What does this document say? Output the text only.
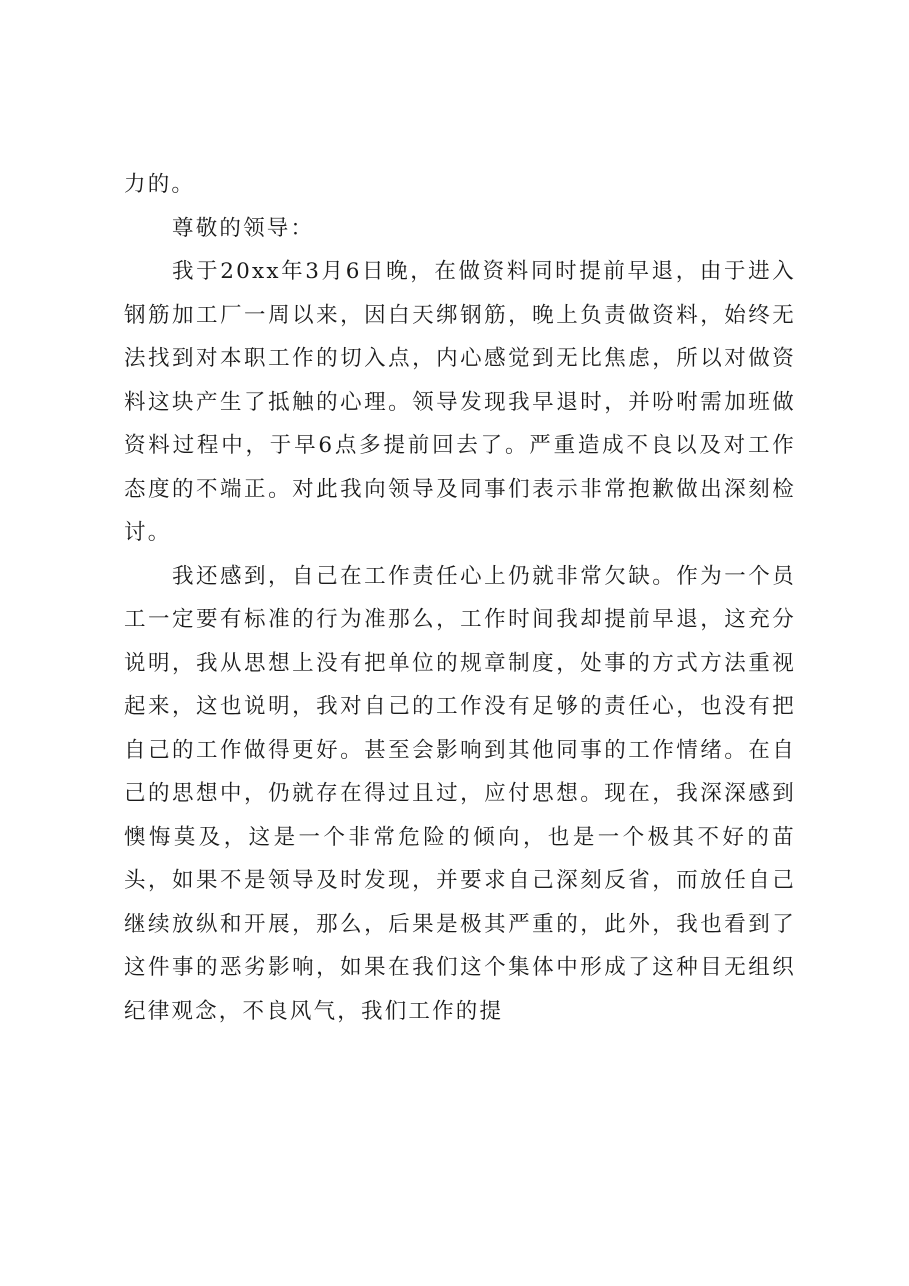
力的。

尊敬的领导：

我于20xx年3月6日晚，在做资料同时提前早退，由于进入钢筋加工厂一周以来，因白天绑钢筋，晚上负责做资料，始终无法找到对本职工作的切入点，内心感觉到无比焦虑，所以对做资料这块产生了抵触的心理。领导发现我早退时，并吩咐需加班做资料过程中，于早6点多提前回去了。严重造成不良以及对工作态度的不端正。对此我向领导及同事们表示非常抱歉做出深刻检讨。

我还感到，自己在工作责任心上仍就非常欠缺。作为一个员工一定要有标准的行为准那么，工作时间我却提前早退，这充分说明，我从思想上没有把单位的规章制度，处事的方式方法重视起来，这也说明，我对自己的工作没有足够的责任心，也没有把自己的工作做得更好。甚至会影响到其他同事的工作情绪。在自己的思想中，仍就存在得过且过，应付思想。现在，我深深感到懊悔莫及，这是一个非常危险的倾向，也是一个极其不好的苗头，如果不是领导及时发现，并要求自己深刻反省，而放任自己继续放纵和开展，那么，后果是极其严重的，此外，我也看到了这件事的恶劣影响，如果在我们这个集体中形成了这种目无组织纪律观念，不良风气，我们工作的提
